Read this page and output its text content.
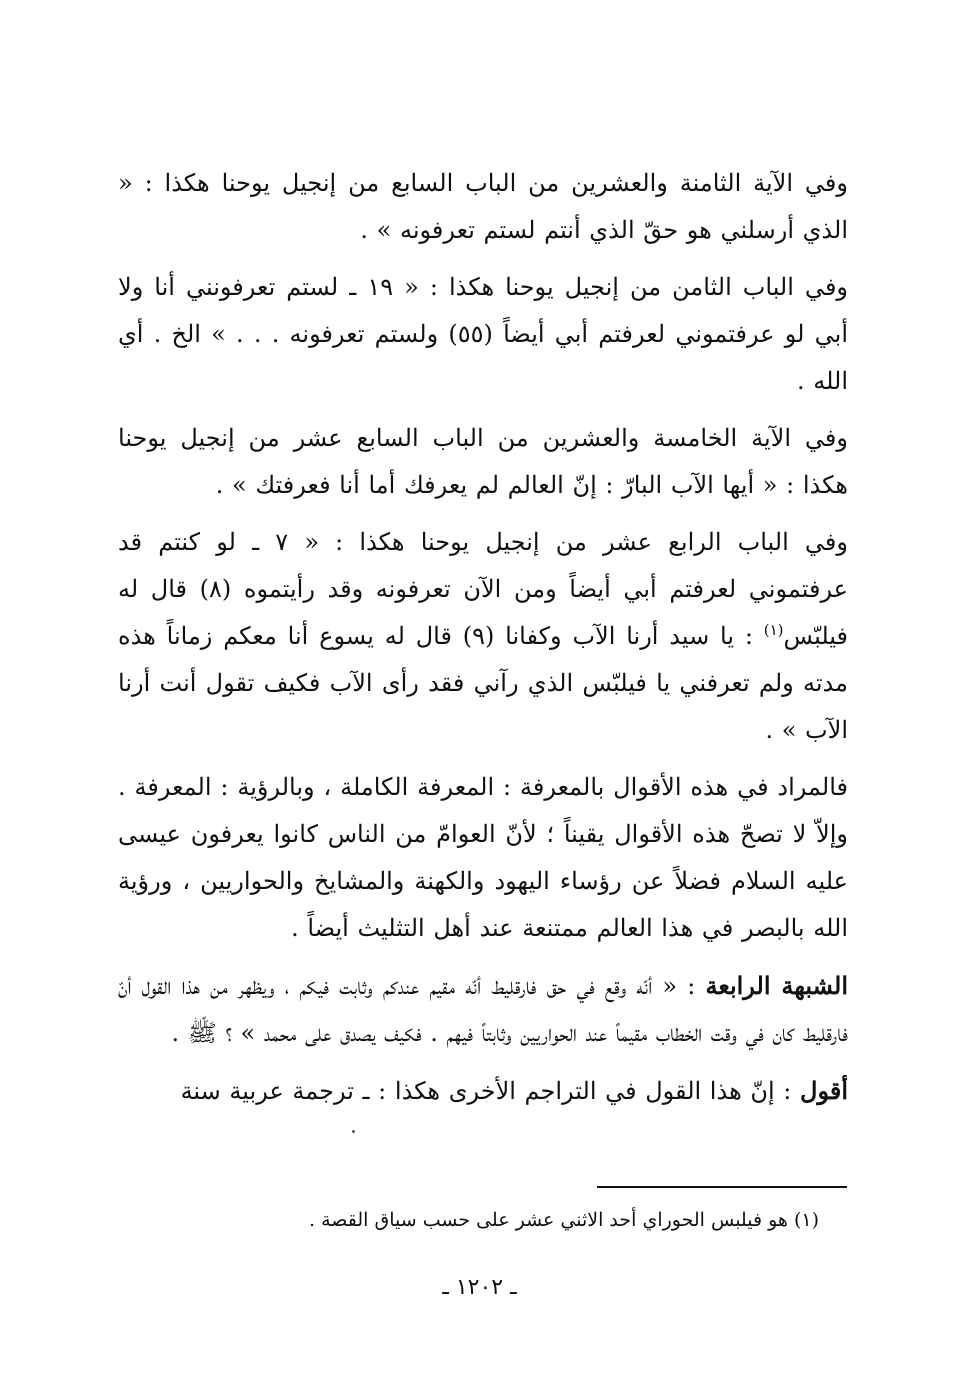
وفي الآية الثامنة والعشرين من الباب السابع من إنجيل يوحنا هكذا : « الذي أرسلني هو حقّ الذي أنتم لستم تعرفونه » .

وفي الباب الثامن من إنجيل يوحنا هكذا : « ١٩ ـ لستم تعرفونني أنا ولا أبي لو عرفتموني لعرفتم أبي أيضاً (٥٥) ولستم تعرفونه . . . » الخ . أي الله .

وفي الآية الخامسة والعشرين من الباب السابع عشر من إنجيل يوحنا هكذا : « أيها الآب البارّ : إنّ العالم لم يعرفك أما أنا فعرفتك » .

وفي الباب الرابع عشر من إنجيل يوحنا هكذا : « ٧ ـ لو كنتم قد عرفتموني لعرفتم أبي أيضاً ومن الآن تعرفونه وقد رأيتموه (٨) قال له فيلبّس$^{(١)}$ : يا سيد أرنا الآب وكفانا (٩) قال له يسوع أنا معكم زماناً هذه مدته ولم تعرفني يا فيلبّس الذي رآني فقد رأى الآب فكيف تقول أنت أرنا الآب » .

فالمراد في هذه الأقوال بالمعرفة : المعرفة الكاملة ، وبالرؤية : المعرفة . وإلاّ لا تصحّ هذه الأقوال يقيناً ؛ لأنّ العوامّ من الناس كانوا يعرفون عيسى عليه السلام فضلاً عن رؤساء اليهود والكهنة والمشايخ والحواريين ، ورؤية الله بالبصر في هذا العالم ممتنعة عند أهل التثليث أيضاً .

الشبهة الرابعة : « أنّه وقع في حق فارقليط أنّه مقيم عندكم وثابت فيكم ، ويظهر من هذا القول أنّ فارقليط كان في وقت الخطاب مقيماً عند الحواريين وثابتاً فيهم . فكيف يصدق على محمد » ؟ ﷺ .

أقول : إنّ هذا القول في التراجم الأخرى هكذا : ـ ترجمة عربية سنة

(١) هو فيلبس الحوراي أحد الاثني عشر على حسب سياق القصة .
ـ ١٢٠٢ ـ
